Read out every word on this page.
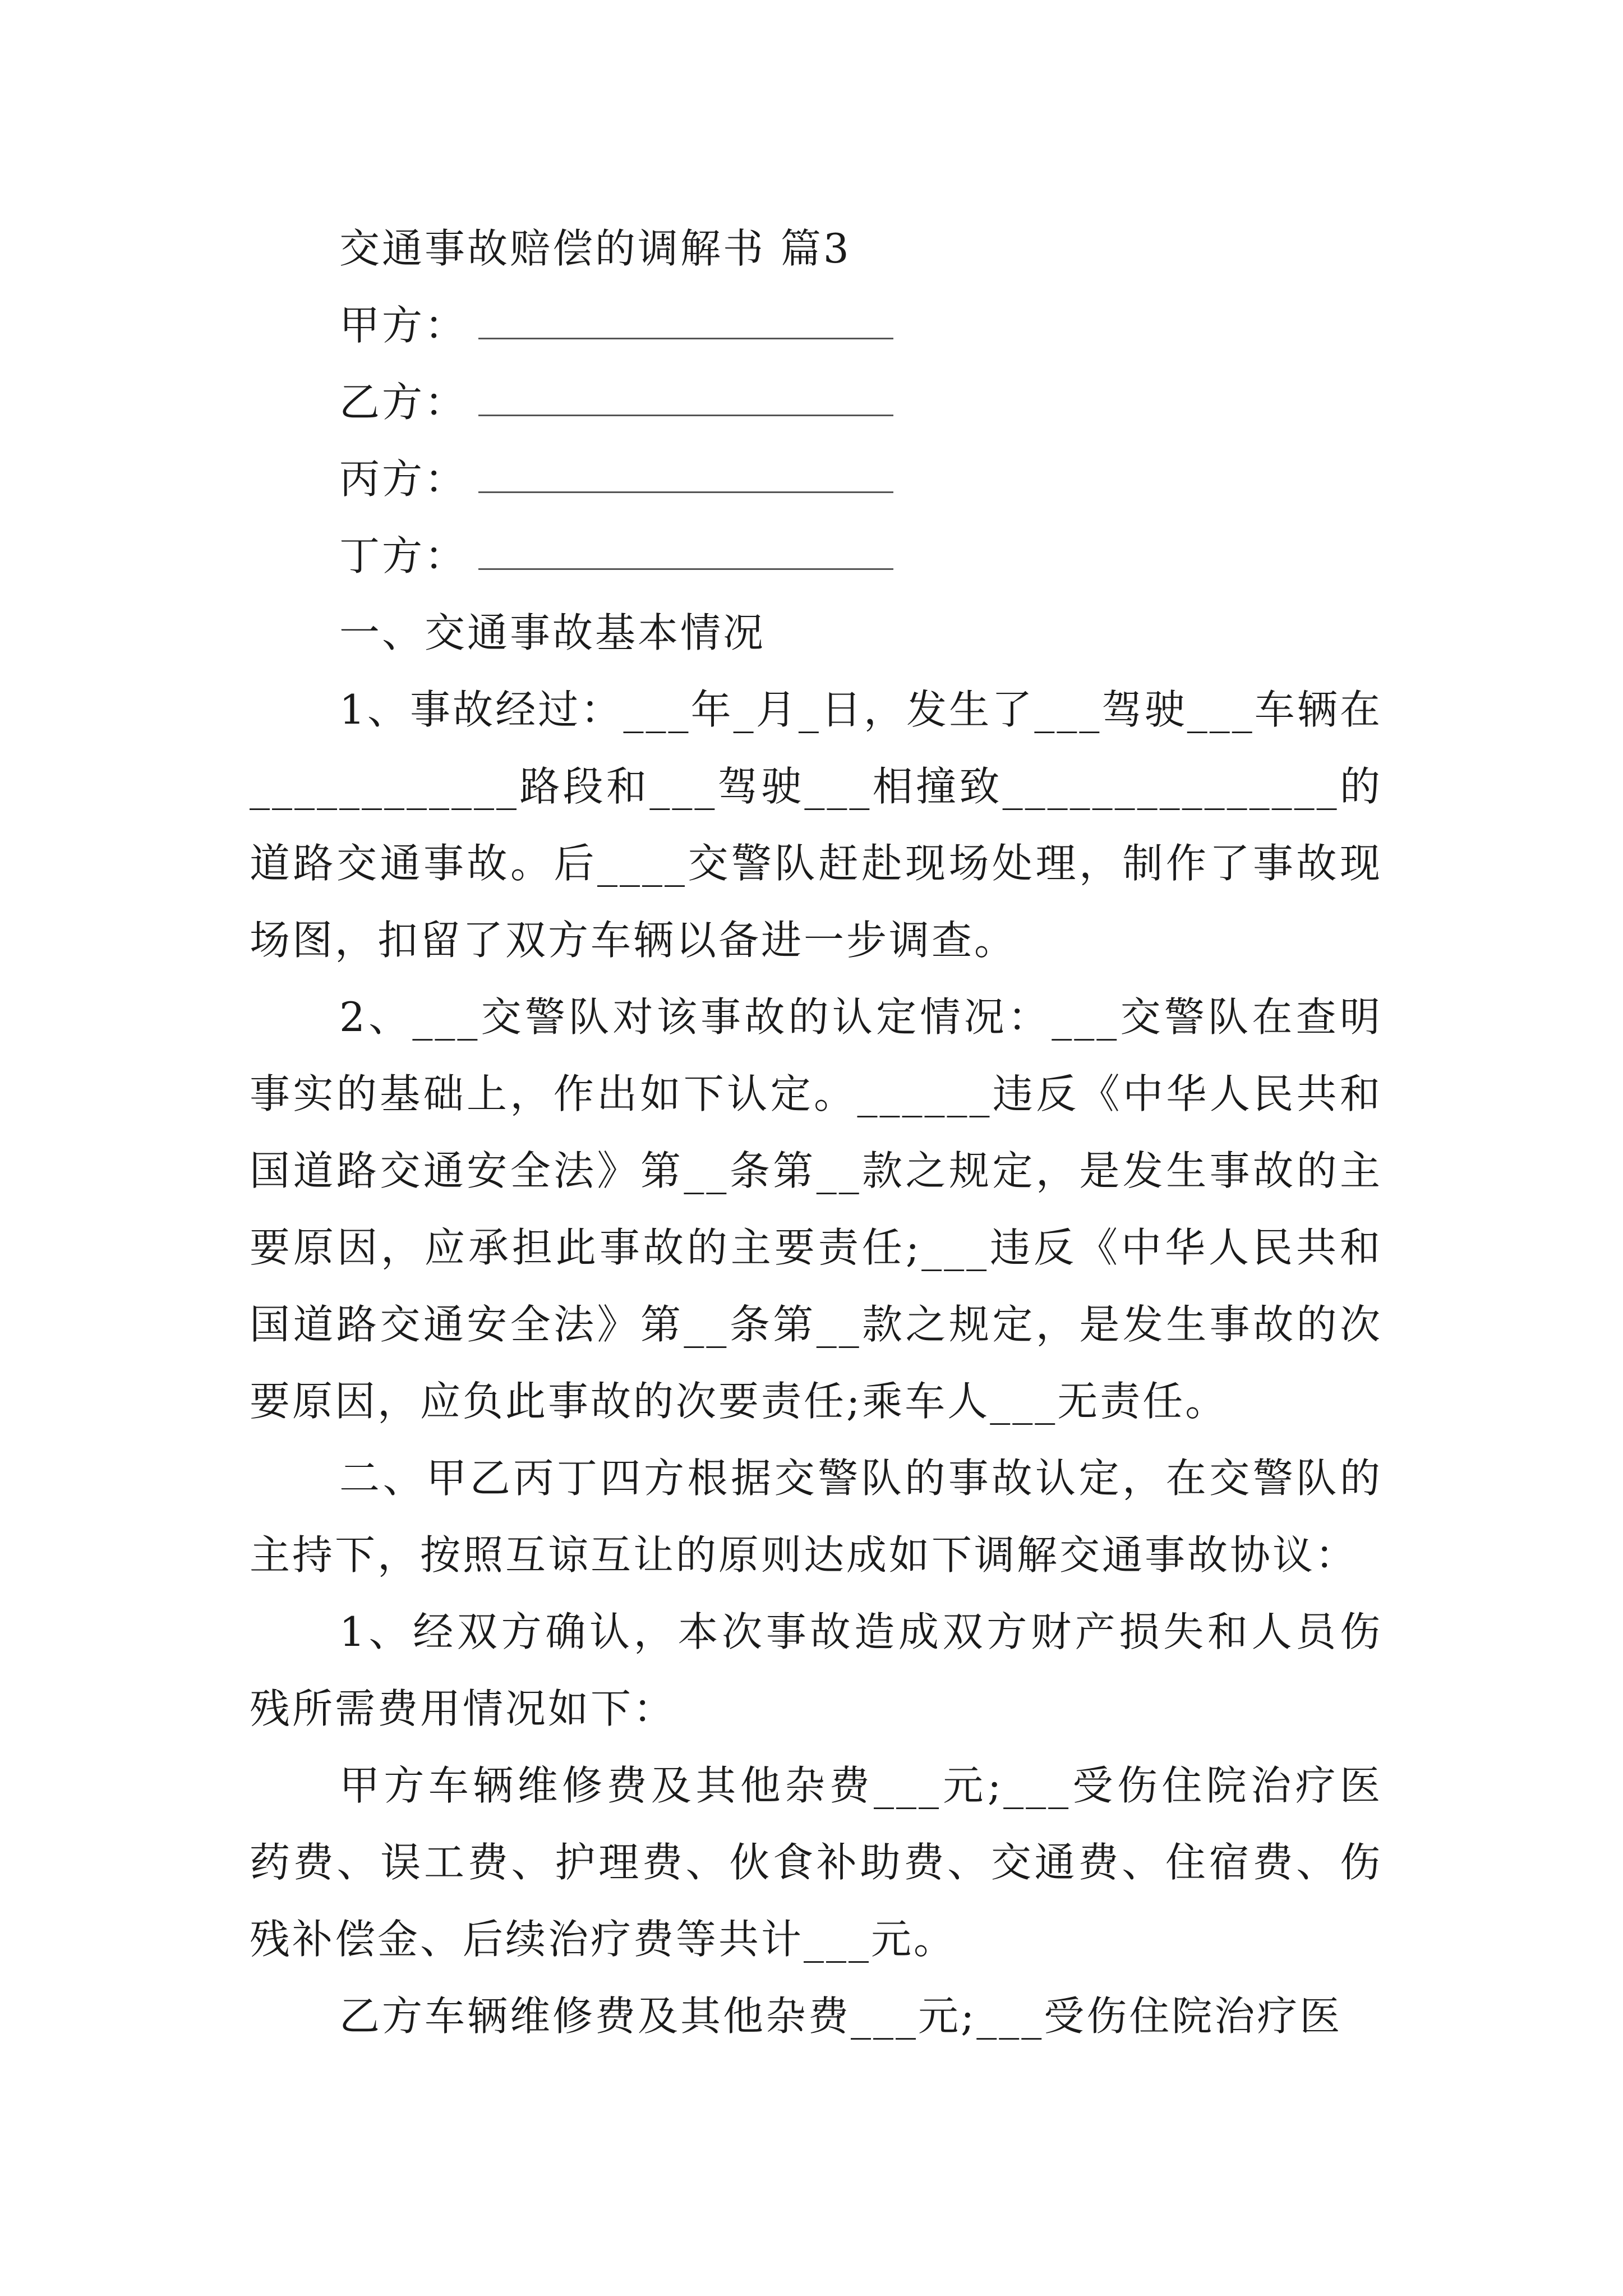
交通事故赔偿的调解书 篇3
甲方：
乙方：
丙方：
丁方：
一、交通事故基本情况

1、事故经过：___年_月_日，发生了___驾驶___车辆在____________路段和___驾驶___相撞致_______________的道路交通事故。后____交警队赶赴现场处理，制作了事故现场图，扣留了双方车辆以备进一步调查。

2、___交警队对该事故的认定情况：___交警队在查明事实的基础上，作出如下认定。______违反《中华人民共和国道路交通安全法》第__条第__款之规定，是发生事故的主要原因，应承担此事故的主要责任;___违反《中华人民共和国道路交通安全法》第__条第__款之规定，是发生事故的次要原因，应负此事故的次要责任;乘车人___无责任。

二、甲乙丙丁四方根据交警队的事故认定，在交警队的主持下，按照互谅互让的原则达成如下调解交通事故协议：

1、经双方确认，本次事故造成双方财产损失和人员伤残所需费用情况如下：

甲方车辆维修费及其他杂费___元;___受伤住院治疗医药费、误工费、护理费、伙食补助费、交通费、住宿费、伤残补偿金、后续治疗费等共计___元。

乙方车辆维修费及其他杂费___元;___受伤住院治疗医
